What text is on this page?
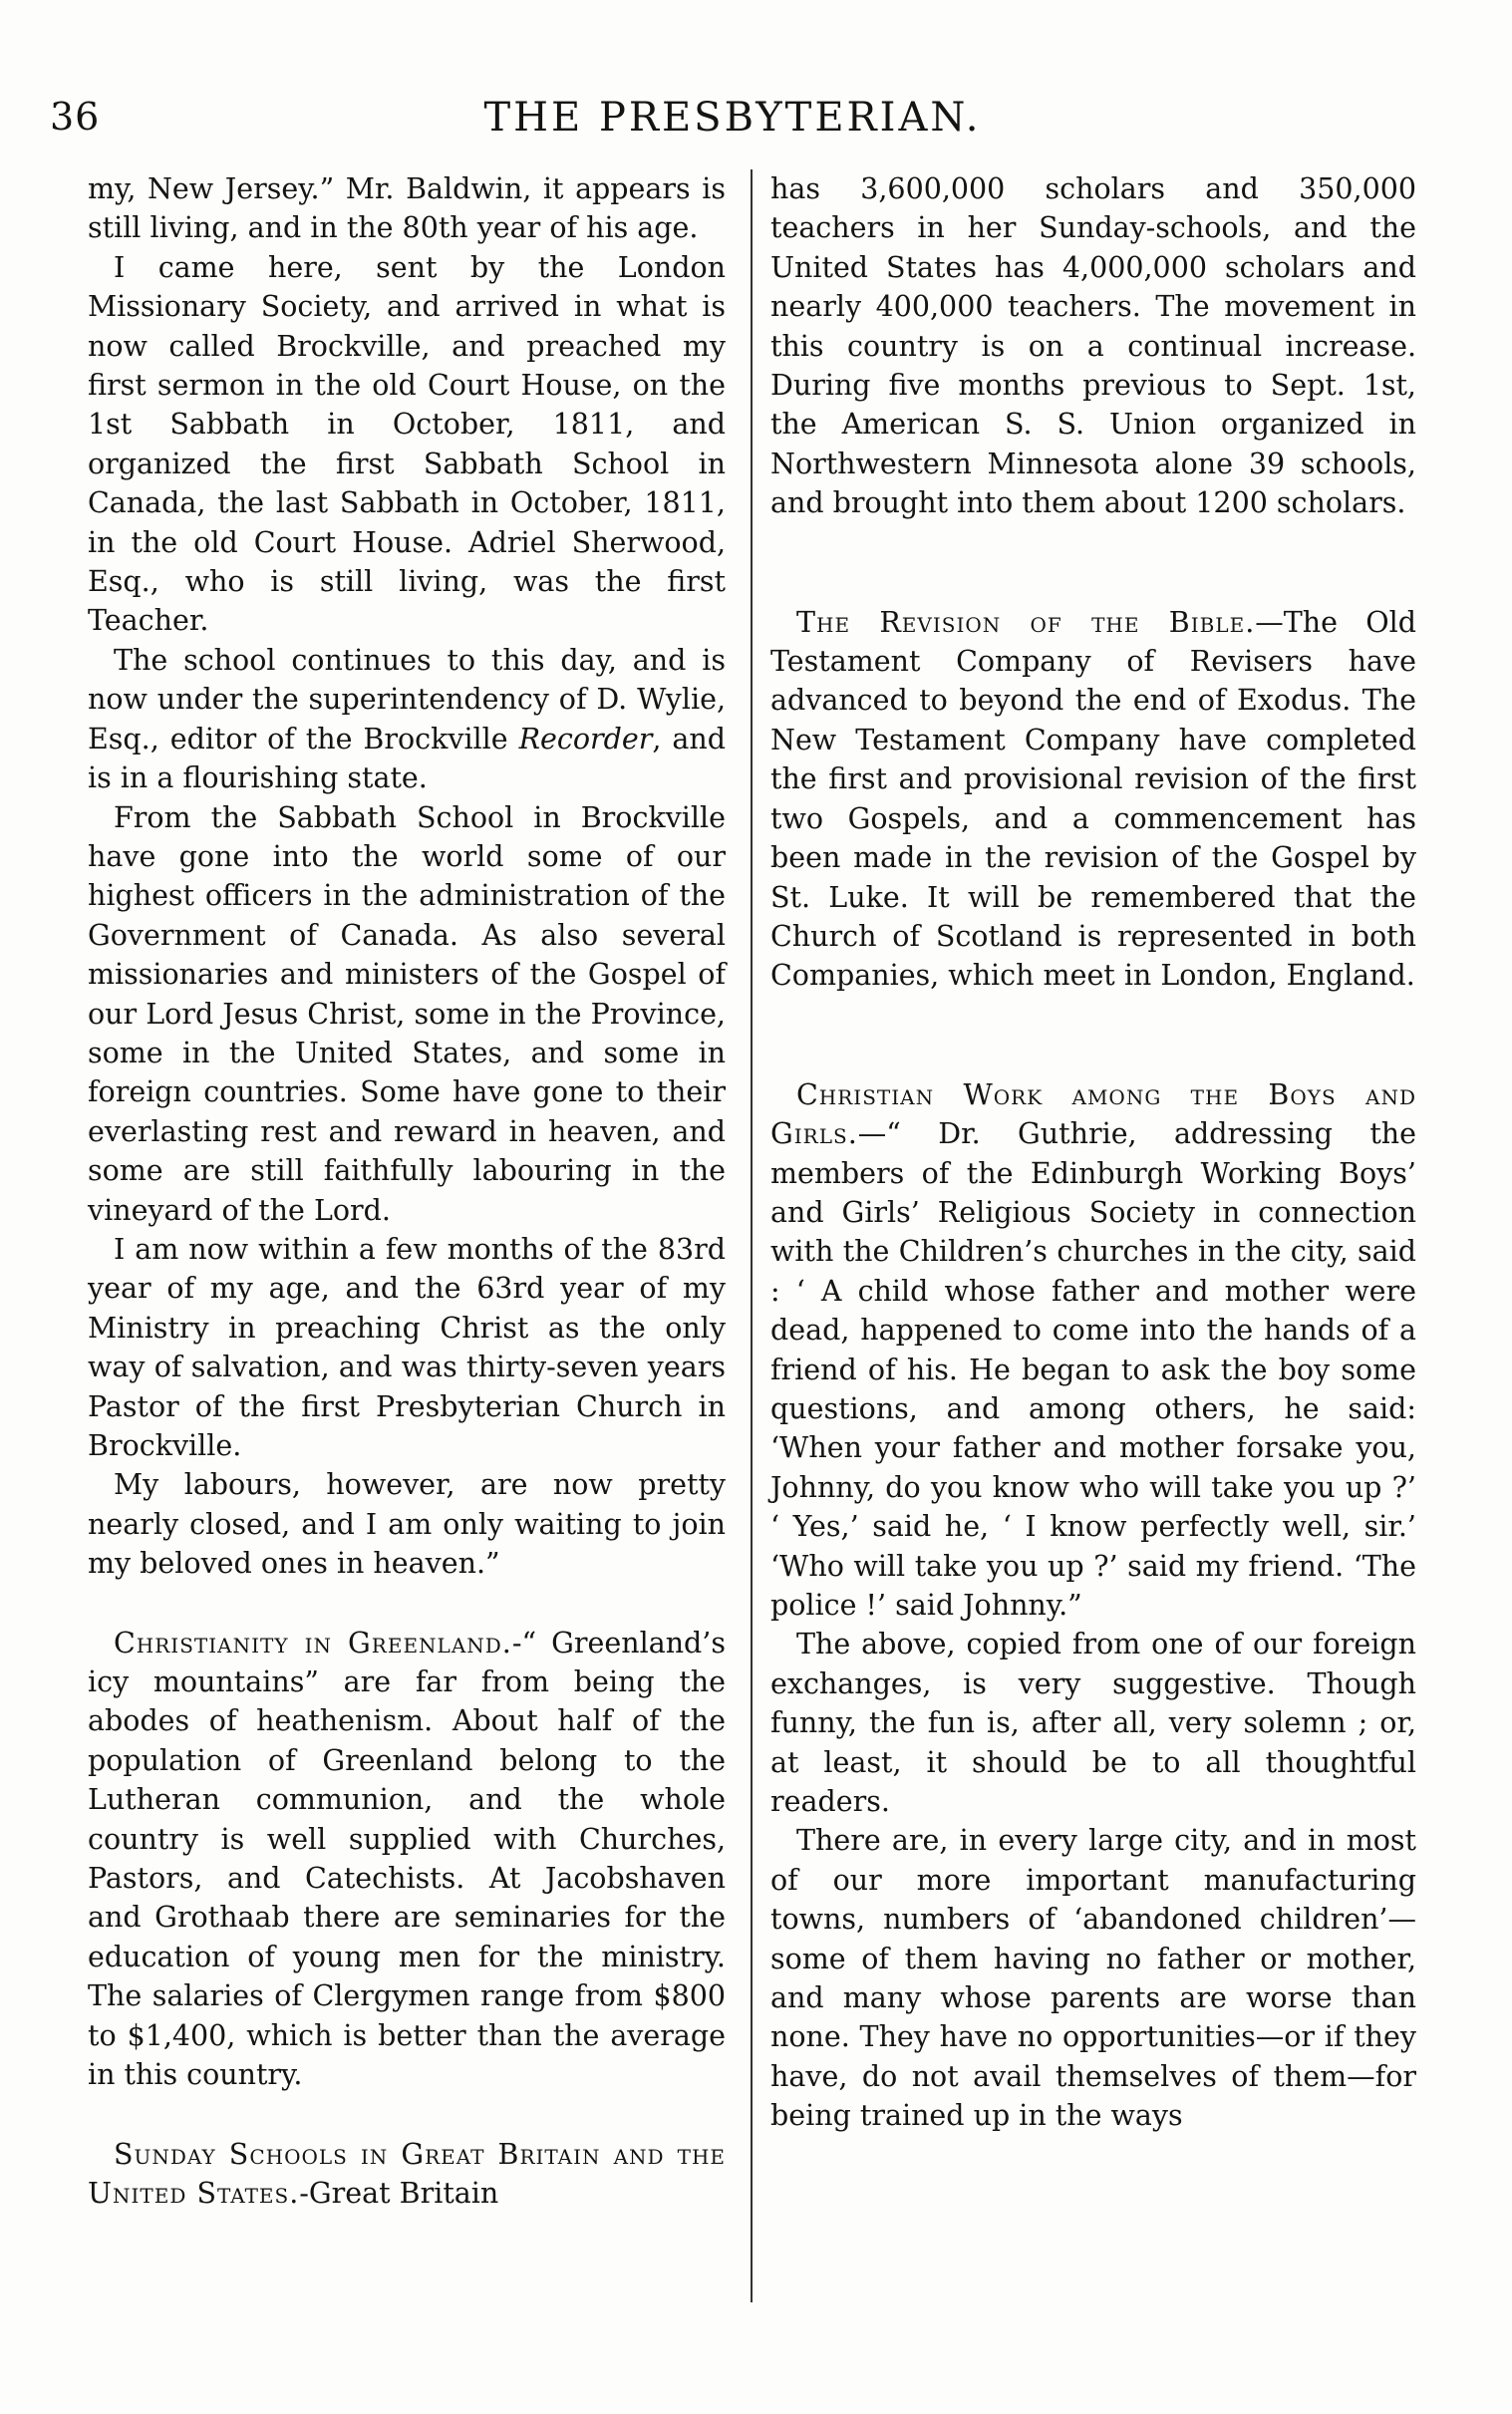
36	THE PRESBYTERIAN.

my, New Jersey.” Mr. Baldwin, it appears is still living, and in the 80th year of his age.

I came here, sent by the London Missionary Society, and arrived in what is now called Brockville, and preached my first sermon in the old Court House, on the 1st Sabbath in October, 1811, and organized the first Sabbath School in Canada, the last Sabbath in October, 1811, in the old Court House. Adriel Sherwood, Esq., who is still living, was the first Teacher.

The school continues to this day, and is now under the superintendency of D. Wylie, Esq., editor of the Brockville Recorder, and is in a flourishing state.

From the Sabbath School in Brockville have gone into the world some of our highest officers in the administration of the Government of Canada. As also several missionaries and ministers of the Gospel of our Lord Jesus Christ, some in the Province, some in the United States, and some in foreign countries. Some have gone to their everlasting rest and reward in heaven, and some are still faithfully labouring in the vineyard of the Lord.

I am now within a few months of the 83rd year of my age, and the 63rd year of my Ministry in preaching Christ as the only way of salvation, and was thirty-seven years Pastor of the first Presbyterian Church in Brockville.

My labours, however, are now pretty nearly closed, and I am only waiting to join my beloved ones in heaven.”

Christianity in Greenland.-“ Greenland’s icy mountains” are far from being the abodes of heathenism. About half of the population of Greenland belong to the Lutheran communion, and the whole country is well supplied with Churches, Pastors, and Catechists. At Jacobshaven and Grothaab there are seminaries for the education of young men for the ministry. The salaries of Clergymen range from $800 to $1,400, which is better than the average in this country.

Sunday Schools in Great Britain and the United States.-Great Britain

has 3,600,000 scholars and 350,000 teachers in her Sunday-schools, and the United States has 4,000,000 scholars and nearly 400,000 teachers. The movement in this country is on a continual increase. During five months previous to Sept. 1st, the American S. S. Union organized in Northwestern Minnesota alone 39 schools, and brought into them about 1200 scholars.

The Revision of the Bible.—The Old Testament Company of Revisers have advanced to beyond the end of Exodus. The New Testament Company have completed the first and provisional revision of the first two Gospels, and a commencement has been made in the revision of the Gospel by St. Luke. It will be remembered that the Church of Scotland is represented in both Companies, which meet in London, England.

Christian Work among the Boys and Girls.—“ Dr. Guthrie, addressing the members of the Edinburgh Working Boys’ and Girls’ Religious Society in connection with the Children’s churches in the city, said : ‘ A child whose father and mother were dead, happened to come into the hands of a friend of his. He began to ask the boy some questions, and among others, he said: ‘When your father and mother forsake you, Johnny, do you know who will take you up ?’ ‘ Yes,’ said he, ‘ I know perfectly well, sir.’ ‘Who will take you up ?’ said my friend. ‘The police !’ said Johnny.”

The above, copied from one of our foreign exchanges, is very suggestive. Though funny, the fun is, after all, very solemn ; or, at least, it should be to all thoughtful readers.

There are, in every large city, and in most of our more important manufacturing towns, numbers of ‘abandoned children’—some of them having no father or mother, and many whose parents are worse than none. They have no opportunities—or if they have, do not avail themselves of them—for being trained up in the ways
